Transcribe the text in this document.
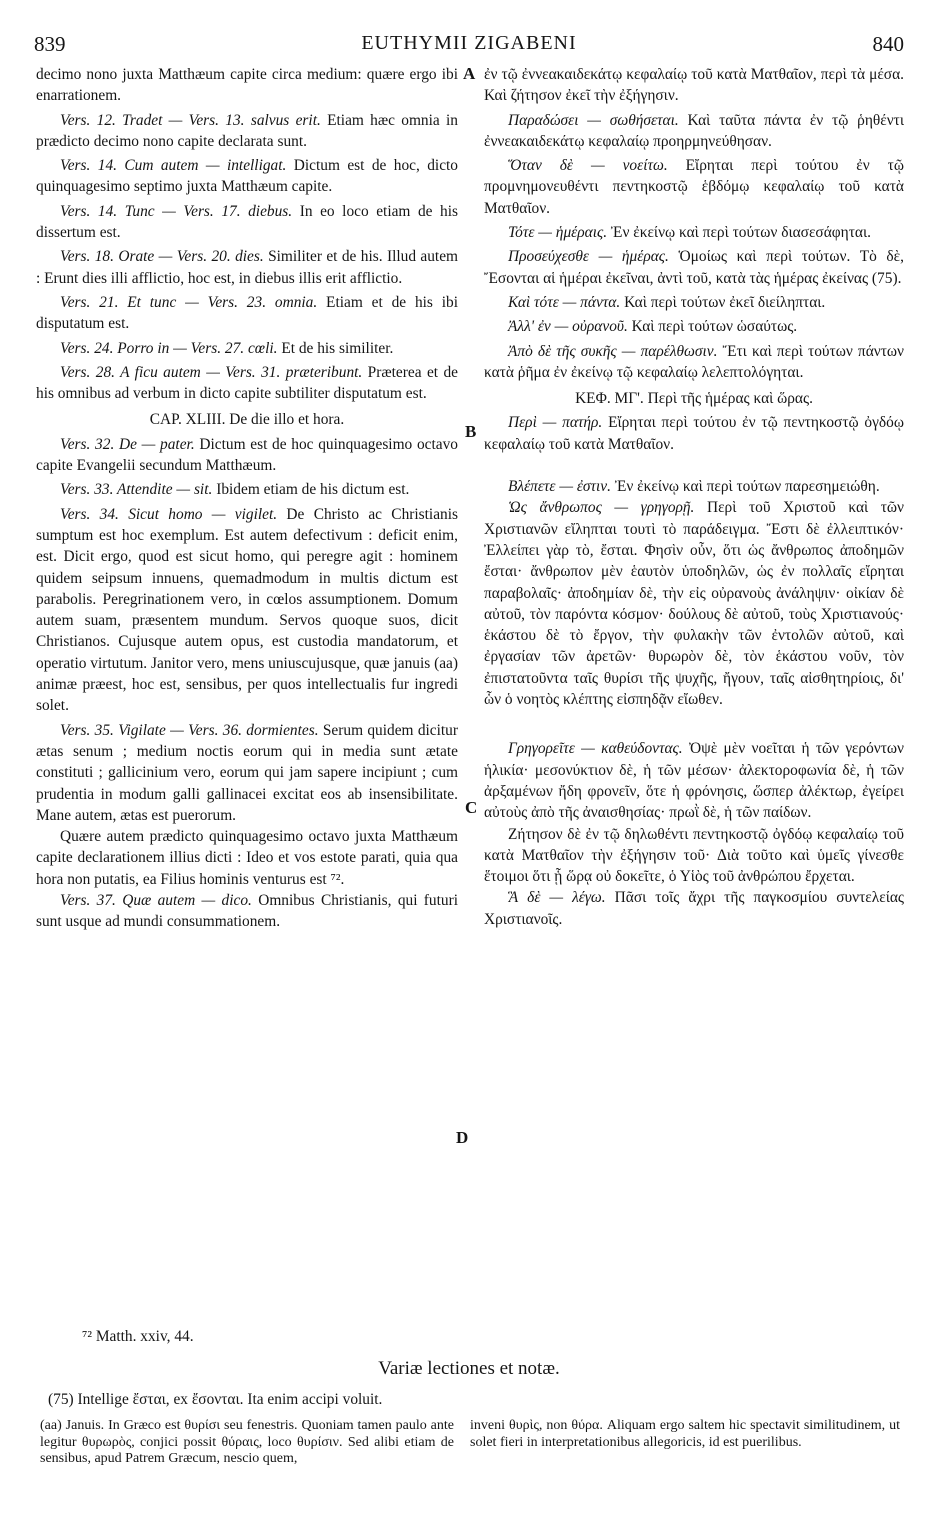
839	EUTHYMII ZIGABENI	840

decimo nono juxta Matthæum capite circa medium: quære ergo ibi enarrationem.

Vers. 12. Tradet — Vers. 13. salvus erit. Etiam hæc omnia in prædicto decimo nono capite declarata sunt.

Vers. 14. Cum autem — intelligat. Dictum est de hoc, dicto quinquagesimo septimo juxta Matthæum capite.

Vers. 14. Tunc — Vers. 17. diebus. In eo loco etiam de his dissertum est.

Vers. 18. Orate — Vers. 20. dies. Similiter et de his. Illud autem : Erunt dies illi afflictio, hoc est, in diebus illis erit afflictio.

Vers. 21. Et tunc — Vers. 23. omnia. Etiam et de his ibi disputatum est.

Vers. 24. Porro in — Vers. 27. cœli. Et de his similiter.

Vers. 28. A ficu autem — Vers. 31. præteribunt. Præterea et de his omnibus ad verbum in dicto capite subtiliter disputatum est.

CAP. XLIII. De die illo et hora.

Vers. 32. De — pater. Dictum est de hoc quinquagesimo octavo capite Evangelii secundum Matthæum.

Vers. 33. Attendite — sit. Ibidem etiam de his dictum est.

Vers. 34. Sicut homo — vigilet. De Christo ac Christianis sumptum est hoc exemplum. Est autem defectivum : deficit enim, est. Dicit ergo, quod est sicut homo, qui peregre agit : hominem quidem seipsum innuens, quemadmodum in multis dictum est parabolis. Peregrinationem vero, in cœlos assumptionem. Domum autem suam, præsentem mundum. Servos quoque suos, dicit Christianos. Cujusque autem opus, est custodia mandatorum, et operatio virtutum. Janitor vero, mens uniuscujusque, quæ januis (aa) animæ præest, hoc est, sensibus, per quos intellectualis fur ingredi solet.

Vers. 35. Vigilate — Vers. 36. dormientes. Serum quidem dicitur ætas senum ; medium noctis eorum qui in media sunt ætate constituti ; gallicinium vero, eorum qui jam sapere incipiunt ; cum prudentia in modum galli gallinacei excitat eos ab insensibilitate. Mane autem, ætas est puerorum.

Quære autem prædicto quinquagesimo octavo juxta Matthæum capite declarationem illius dicti : Ideo et vos estote parati, quia qua hora non putatis, ea Filius hominis venturus est ⁷².

Vers. 37. Quæ autem — dico. Omnibus Christianis, qui futuri sunt usque ad mundi consummationem.

ἐν τῷ ἐννεακαιδεκάτῳ κεφαλαίῳ τοῦ κατὰ Ματθαῖον, περὶ τὰ μέσα. Καὶ ζήτησον ἐκεῖ τὴν ἐξήγησιν.

Παραδώσει — σωθήσεται. Καὶ ταῦτα πάντα ἐν τῷ ῥηθέντι ἐννεακαιδεκάτῳ κεφαλαίῳ προηρμηνεύθησαν.

Ὅταν δὲ — νοείτω. Εἴρηται περὶ τούτου ἐν τῷ προμνημονευθέντι πεντηκοστῷ ἑβδόμῳ κεφαλαίῳ τοῦ κατὰ Ματθαῖον.

Τότε — ἡμέραις. Ἐν ἐκείνῳ καὶ περὶ τούτων διασεσάφηται.

Προσεύχεσθε — ἡμέρας. Ὁμοίως καὶ περὶ τούτων. Τὸ δὲ, Ἔσονται αἱ ἡμέραι ἐκεῖναι, ἀντὶ τοῦ, κατὰ τὰς ἡμέρας ἐκείνας (75).

Καὶ τότε — πάντα. Καὶ περὶ τούτων ἐκεῖ διείληπται.

Ἀλλ' ἐν — οὐρανοῦ. Καὶ περὶ τούτων ὡσαύτως.

Ἀπὸ δὲ τῆς συκῆς — παρέλθωσιν. Ἔτι καὶ περὶ τούτων πάντων κατὰ ῥῆμα ἐν ἐκείνῳ τῷ κεφαλαίῳ λελεπτολόγηται.

ΚΕΦ. ΜΓ'. Περὶ τῆς ἡμέρας καὶ ὥρας.

Περὶ — πατήρ. Εἴρηται περὶ τούτου ἐν τῷ πεντηκοστῷ ὀγδόῳ κεφαλαίῳ τοῦ κατὰ Ματθαῖον.

Βλέπετε — ἐστιν. Ἐν ἐκείνῳ καὶ περὶ τούτων παρεσημειώθη.

Ὡς ἄνθρωπος — γρηγορῇ. Περὶ τοῦ Χριστοῦ καὶ τῶν Χριστιανῶν εἴληπται τουτὶ τὸ παράδειγμα. Ἔστι δὲ ἐλλειπτικόν· Ἐλλείπει γὰρ τὸ, ἔσται. Φησὶν οὖν, ὅτι ὡς ἄνθρωπος ἀποδημῶν ἔσται· ἄνθρωπον μὲν ἑαυτὸν ὑποδηλῶν, ὡς ἐν πολλαῖς εἴρηται παραβολαῖς· ἀποδημίαν δὲ, τὴν εἰς οὐρανοὺς ἀνάληψιν· οἰκίαν δὲ αὐτοῦ, τὸν παρόντα κόσμον· δούλους δὲ αὐτοῦ, τοὺς Χριστιανούς· ἑκάστου δὲ τὸ ἔργον, τὴν φυλακὴν τῶν ἐντολῶν αὐτοῦ, καὶ ἐργασίαν τῶν ἀρετῶν· θυρωρὸν δὲ, τὸν ἑκάστου νοῦν, τὸν ἐπιστατοῦντα ταῖς θυρίσι τῆς ψυχῆς, ἤγουν, ταῖς αἰσθητηρίοις, δι' ὧν ὁ νοητὸς κλέπτης εἰσπηδᾷν εἴωθεν.

Γρηγορεῖτε — καθεύδοντας. Ὀψὲ μὲν νοεῖται ἡ τῶν γερόντων ἡλικία· μεσονύκτιον δὲ, ἡ τῶν μέσων· ἀλεκτοροφωνία δὲ, ἡ τῶν ἀρξαμένων ἤδη φρονεῖν, ὅτε ἡ φρόνησις, ὥσπερ ἀλέκτωρ, ἐγείρει αὐτοὺς ἀπὸ τῆς ἀναισθησίας· πρωῒ δὲ, ἡ τῶν παίδων.

Ζήτησον δὲ ἐν τῷ δηλωθέντι πεντηκοστῷ ὀγδόῳ κεφαλαίῳ τοῦ κατὰ Ματθαῖον τὴν ἐξήγησιν τοῦ· Διὰ τοῦτο καὶ ὑμεῖς γίνεσθε ἕτοιμοι ὅτι ᾗ ὥρᾳ οὐ δοκεῖτε, ὁ Υἱὸς τοῦ ἀνθρώπου ἔρχεται.

Ἃ δὲ — λέγω. Πᾶσι τοῖς ἄχρι τῆς παγκοσμίου συντελείας Χριστιανοῖς.

A
B
C
D
⁷² Matth. xxiv, 44.
Variæ lectiones et notæ.
(75) Intellige ἔσται, ex ἔσονται. Ita enim accipi voluit.

(aa) Januis. In Græco est θυρίσι seu fenestris. Quoniam tamen paulo ante legitur θυρωρὸς, conjici possit θύραις, loco θυρίσιν. Sed alibi etiam de sensibus, apud Patrem Græcum, nescio quem,

inveni θυρὶς, non θύρα. Aliquam ergo saltem hic spectavit similitudinem, ut solet fieri in interpretationibus allegoricis, id est puerilibus.
